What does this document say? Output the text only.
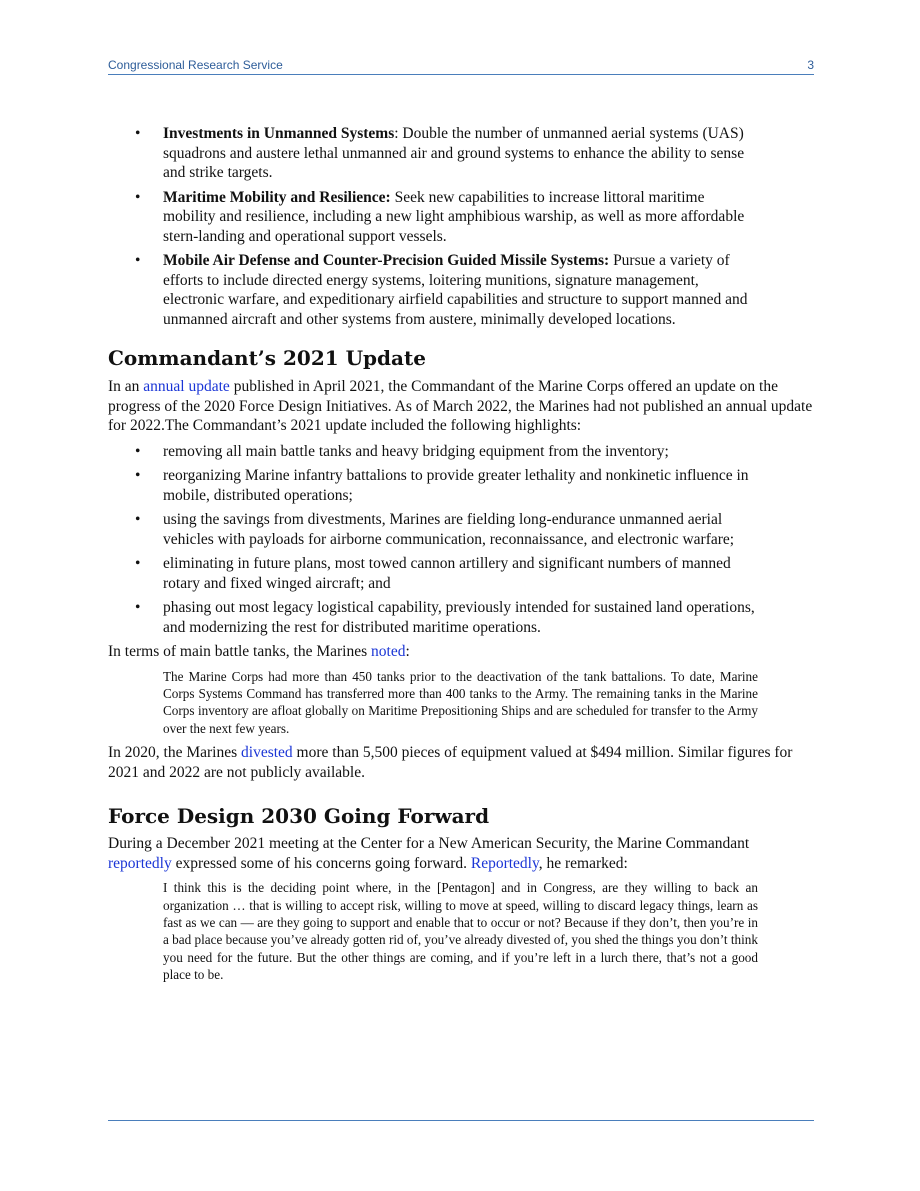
Congressional Research Service	3
• Investments in Unmanned Systems: Double the number of unmanned aerial systems (UAS) squadrons and austere lethal unmanned air and ground systems to enhance the ability to sense and strike targets.
• Maritime Mobility and Resilience: Seek new capabilities to increase littoral maritime mobility and resilience, including a new light amphibious warship, as well as more affordable stern-landing and operational support vessels.
• Mobile Air Defense and Counter-Precision Guided Missile Systems: Pursue a variety of efforts to include directed energy systems, loitering munitions, signature management, electronic warfare, and expeditionary airfield capabilities and structure to support manned and unmanned aircraft and other systems from austere, minimally developed locations.
Commandant’s 2021 Update

In an annual update published in April 2021, the Commandant of the Marine Corps offered an update on the progress of the 2020 Force Design Initiatives. As of March 2022, the Marines had not published an annual update for 2022.The Commandant’s 2021 update included the following highlights:

• removing all main battle tanks and heavy bridging equipment from the inventory;
• reorganizing Marine infantry battalions to provide greater lethality and nonkinetic influence in mobile, distributed operations;
• using the savings from divestments, Marines are fielding long-endurance unmanned aerial vehicles with payloads for airborne communication, reconnaissance, and electronic warfare;
• eliminating in future plans, most towed cannon artillery and significant numbers of manned rotary and fixed winged aircraft; and
• phasing out most legacy logistical capability, previously intended for sustained land operations, and modernizing the rest for distributed maritime operations.

In terms of main battle tanks, the Marines noted:

The Marine Corps had more than 450 tanks prior to the deactivation of the tank battalions. To date, Marine Corps Systems Command has transferred more than 400 tanks to the Army. The remaining tanks in the Marine Corps inventory are afloat globally on Maritime Prepositioning Ships and are scheduled for transfer to the Army over the next few years.

In 2020, the Marines divested more than 5,500 pieces of equipment valued at $494 million. Similar figures for 2021 and 2022 are not publicly available.

Force Design 2030 Going Forward

During a December 2021 meeting at the Center for a New American Security, the Marine Commandant reportedly expressed some of his concerns going forward. Reportedly, he remarked:

I think this is the deciding point where, in the [Pentagon] and in Congress, are they willing to back an organization … that is willing to accept risk, willing to move at speed, willing to discard legacy things, learn as fast as we can — are they going to support and enable that to occur or not? Because if they don’t, then you’re in a bad place because you’ve already gotten rid of, you’ve already divested of, you shed the things you don’t think you need for the future. But the other things are coming, and if you’re left in a lurch there, that’s not a good place to be.
